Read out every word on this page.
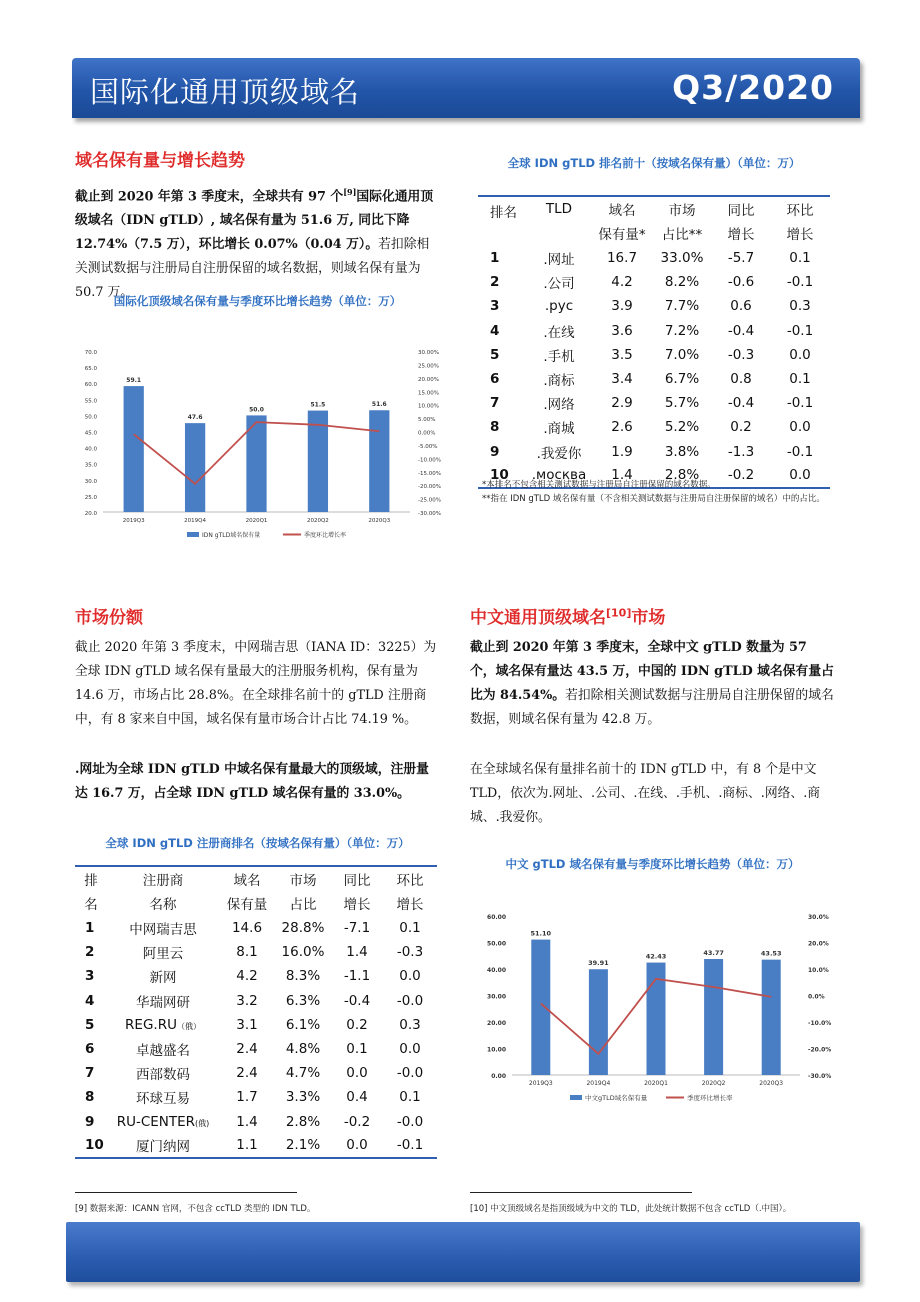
国际化通用顶级域名	Q3/2020
域名保有量与增长趋势
截止到 2020 年第 3 季度末，全球共有 97 个[9]国际化通用顶级域名（IDN gTLD）, 域名保有量为 51.6 万, 同比下降 12.74%（7.5 万），环比增长 0.07%（0.04 万）。若扣除相关测试数据与注册局自注册保留的域名数据，则域名保有量为 50.7 万。
国际化顶级域名保有量与季度环比增长趋势（单位：万）
70.0
65.0
60.0
55.0
50.0
45.0
40.0
35.0
30.0
25.0
20.0
30.00%
25.00%
20.00%
15.00%
10.00%
5.00%
0.00%
-5.00%
-10.00%
-15.00%
-20.00%
-25.00%
-30.00%
59.1
2019Q3
47.6
2019Q4
50.0
2020Q1
51.5
2020Q2
51.6
2020Q3
IDN gTLD域名保有量	季度环比增长率
全球 IDN gTLD 排名前十（按域名保有量）（单位：万）
排名	TLD	域名	市场	同比	环比
		保有量*	占比**	增长	增长
1	.网址	16.7	33.0%	-5.7	0.1
2	.公司	4.2	8.2%	-0.6	-0.1
3	.рус	3.9	7.7%	0.6	0.3
4	.在线	3.6	7.2%	-0.4	-0.1
5	.手机	3.5	7.0%	-0.3	0.0
6	.商标	3.4	6.7%	0.8	0.1
7	.网络	2.9	5.7%	-0.4	-0.1
8	.商城	2.6	5.2%	0.2	0.0
9	.我爱你	1.9	3.8%	-1.3	-0.1
10	.москва	1.4	2.8%	-0.2	0.0
*本排名不包含相关测试数据与注册局自注册保留的域名数据。
**指在 IDN gTLD 域名保有量（不含相关测试数据与注册局自注册保留的域名）中的占比。
市场份额
截止 2020 年第 3 季度末，中网瑞吉思（IANA ID：3225）为全球 IDN gTLD 域名保有量最大的注册服务机构，保有量为 14.6 万，市场占比 28.8%。在全球排名前十的 gTLD 注册商中，有 8 家来自中国，域名保有量市场合计占比 74.19 %。
.网址为全球 IDN gTLD 中域名保有量最大的顶级域，注册量达 16.7 万，占全球 IDN gTLD 域名保有量的 33.0%。
全球 IDN gTLD 注册商排名（按域名保有量）（单位：万）
排	注册商	域名	市场	同比	环比
名	名称	保有量	占比	增长	增长
1	中网瑞吉思	14.6	28.8%	-7.1	0.1
2	阿里云	8.1	16.0%	1.4	-0.3
3	新网	4.2	8.3%	-1.1	0.0
4	华瑞网研	3.2	6.3%	-0.4	-0.0
5	REG.RU（俄）	3.1	6.1%	0.2	0.3
6	卓越盛名	2.4	4.8%	0.1	0.0
7	西部数码	2.4	4.7%	0.0	-0.0
8	环球互易	1.7	3.3%	0.4	0.1
9	RU-CENTER(俄)	1.4	2.8%	-0.2	-0.0
10	厦门纳网	1.1	2.1%	0.0	-0.1
中文通用顶级域名[10]市场
截止到 2020 年第 3 季度末，全球中文 gTLD 数量为 57 个，域名保有量达 43.5 万，中国的 IDN gTLD 域名保有量占比为 84.54%。若扣除相关测试数据与注册局自注册保留的域名数据，则域名保有量为 42.8 万。
在全球域名保有量排名前十的 IDN gTLD 中，有 8 个是中文 TLD，依次为.网址、.公司、.在线、.手机、.商标、.网络、.商城、.我爱你。
中文 gTLD 域名保有量与季度环比增长趋势（单位：万）
60.00
50.00
40.00
30.00
20.00
10.00
0.00
30.0%
20.0%
10.0%
0.0%
-10.0%
-20.0%
-30.0%
51.10
2019Q3
39.91
2019Q4
42.43
2020Q1
43.77
2020Q2
43.53
2020Q3
中文gTLD域名保有量	季度环比增长率
[9] 数据来源：ICANN 官网，不包含 ccTLD 类型的 IDN TLD。	[10] 中文顶级域名是指顶级域为中文的 TLD，此处统计数据不包含 ccTLD（.中国）。
